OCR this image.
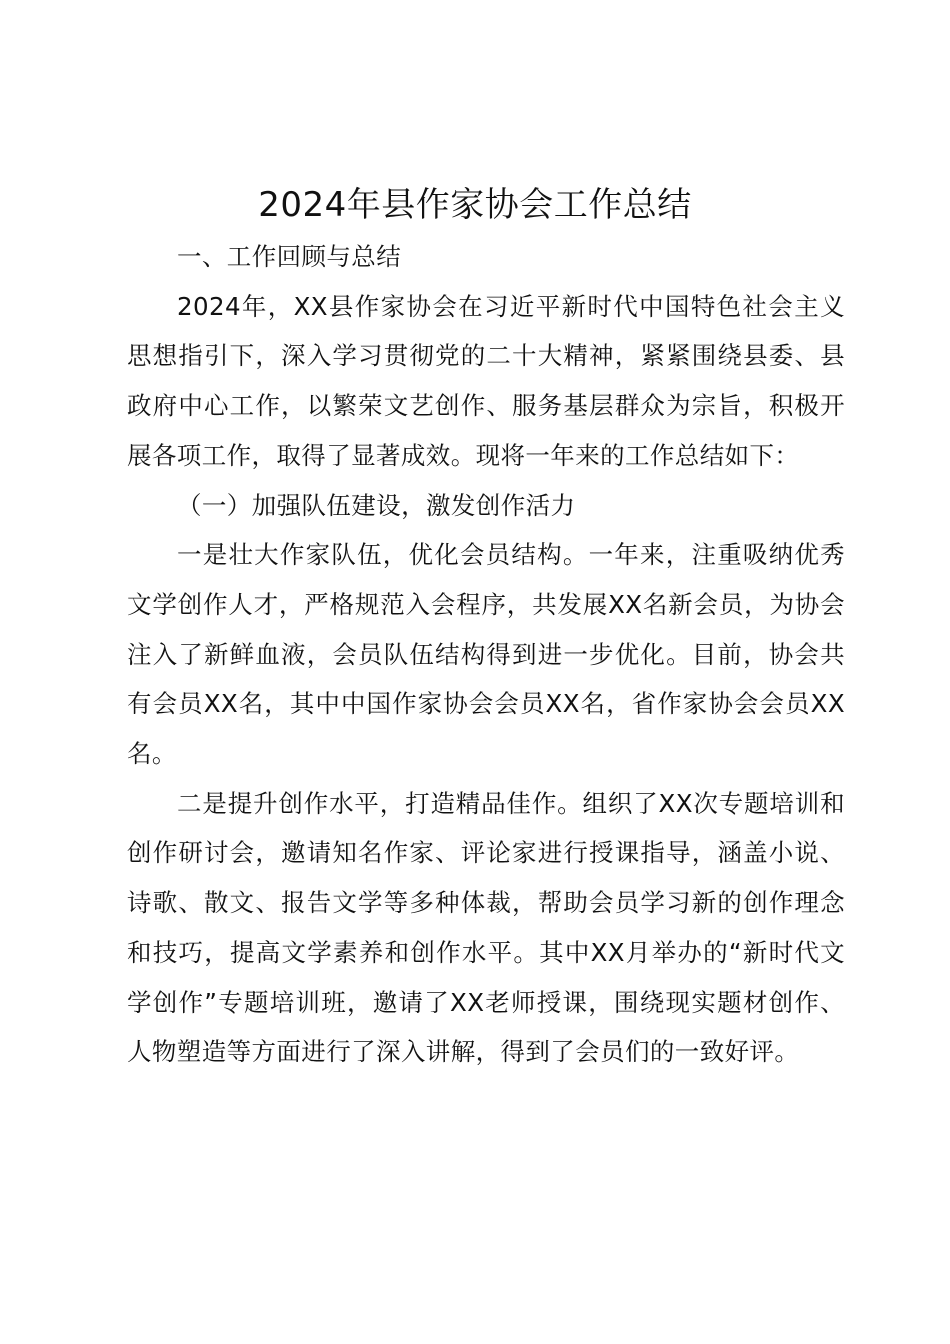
2024年县作家协会工作总结

一、工作回顾与总结

2024年，XX县作家协会在习近平新时代中国特色社会主义思想指引下，深入学习贯彻党的二十大精神，紧紧围绕县委、县政府中心工作，以繁荣文艺创作、服务基层群众为宗旨，积极开展各项工作，取得了显著成效。现将一年来的工作总结如下：

（一）加强队伍建设，激发创作活力

一是壮大作家队伍，优化会员结构。一年来，注重吸纳优秀文学创作人才，严格规范入会程序，共发展XX名新会员，为协会注入了新鲜血液，会员队伍结构得到进一步优化。目前，协会共有会员XX名，其中中国作家协会会员XX名，省作家协会会员XX名。

二是提升创作水平，打造精品佳作。组织了XX次专题培训和创作研讨会，邀请知名作家、评论家进行授课指导，涵盖小说、诗歌、散文、报告文学等多种体裁，帮助会员学习新的创作理念和技巧，提高文学素养和创作水平。其中XX月举办的“新时代文学创作”专题培训班，邀请了XX老师授课，围绕现实题材创作、人物塑造等方面进行了深入讲解，得到了会员们的一致好评。
